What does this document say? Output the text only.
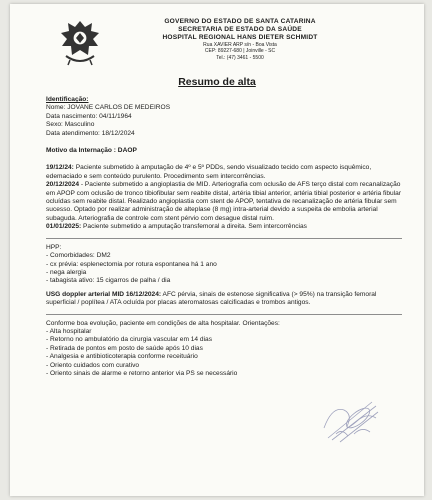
GOVERNO DO ESTADO DE SANTA CATARINA
SECRETARIA DE ESTADO DA SAÚDE
HOSPITAL REGIONAL HANS DIETER SCHMIDT
Rua XAVIER ARP s/n - Boa Vista
CEP: 89227-680 | Joinville - SC
Tel.: (47) 3461 - 5500
Resumo de alta
Identificação:
Nome: JOVANE CARLOS DE MEDEIROS
Data nascimento: 04/11/1964
Sexo: Masculino
Data atendimento: 18/12/2024
Motivo da Internação : DAOP

19/12/24: Paciente submetido à amputação de 4º e 5º PDDs, sendo visualizado tecido com aspecto isquêmico, edemaciado e sem conteúdo purulento. Procedimento sem intercorrências.

20/12/2024 - Paciente submetido a angioplastia de MID. Arteriografia com oclusão de AFS terço distal com recanalização em APOP com oclusão de tronco tibiofibular sem reabite distal, artéria tibial anterior, artéria tibial posterior e artéria fibular ocluídas sem reabite distal. Realizado angioplastia com stent de APOP, tentativa de recanalização de artéria fibular sem sucesso. Optado por realizar administração de alteplase (8 mg) intra-arterial devido a suspeita de embolia arterial subaguda. Arteriografia de controle com stent pérvio com desague distal ruim.

01/01/2025: Paciente submetido a amputação transfemoral a direita. Sem intercorrências

HPP:
- Comorbidades: DM2
- cx prévia: esplenectomia por rotura espontanea há 1 ano
- nega alergia
- tabagista ativo: 15 cigarros de palha / dia

USG doppler arterial MID 16/12/2024: AFC pérvia, sinais de estenose significativa (> 95%) na transição femoral superficial / poplítea / ATA ocluída por placas ateromatosas calcificadas e trombos antigos.

Conforme boa evolução, paciente em condições de alta hospitalar. Orientações:
- Alta hospitalar
- Retorno no ambulatório da cirurgia vascular em 14 dias
- Retirada de pontos em posto de saúde após 10 dias
- Analgesia e antibioticoterapia conforme receituário
- Oriento cuidados com curativo
- Oriento sinais de alarme e retorno anterior via PS se necessário
